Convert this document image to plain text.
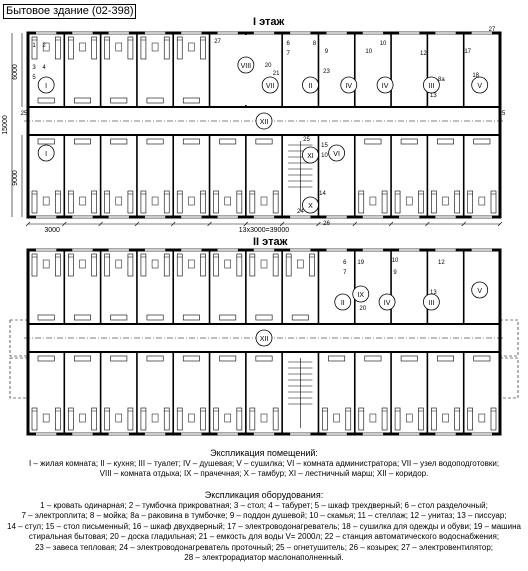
Бытовое здание (02-398)
I этаж
II этаж
XII
VI
15
10
VIII
27
VII
20
21
II
6
7
8
IV
9
23
IV
10
10
III
12
8а
13
V
17
18
27
25	25
XI
X
26
14
24
25
I
I
1 2
3 4
5
XII
II
IX
IV	III
V
6
7
19
20
10
9
12
13
6000
15000
9000
3000	13х3000=39000

Экспликация помещений:

I – жилая комната; II – кухня; III – туалет; IV – душевая; V – сушилка; VI – комната администратора; VII – узел водоподготовки;

VIII – комната отдыха; IX – прачечная; X – тамбур; XI – лестничный марш; XII – коридор.

Экспликация оборудования:

1 – кровать одинарная; 2 – тумбочка прикроватная; 3 – стол; 4 – табурет; 5 – шкаф трехдверный; 6 – стол разделочный;

7 – электроплита; 8 – мойка; 8а – раковина в тумбочке; 9 – поддон душевой; 10 – скамья; 11 – стеллаж; 12 – унитаз; 13 – писсуар;

14 – стул; 15 – стол письменный; 16 – шкаф двухдверный; 17 – электроводонагреватель; 18 – сушилка для одежды и обуви; 19 – машина

стиральная бытовая; 20 – доска гладильная; 21 – емкость для воды V= 2000л; 22 – станция автоматического водоснабжения;

23 – завеса тепловая; 24 – электроводонагреватель проточный; 25 – огнетушитель; 26 – козырек; 27 – электровентилятор;

28 – электрорадиатор маслонаполненный.
